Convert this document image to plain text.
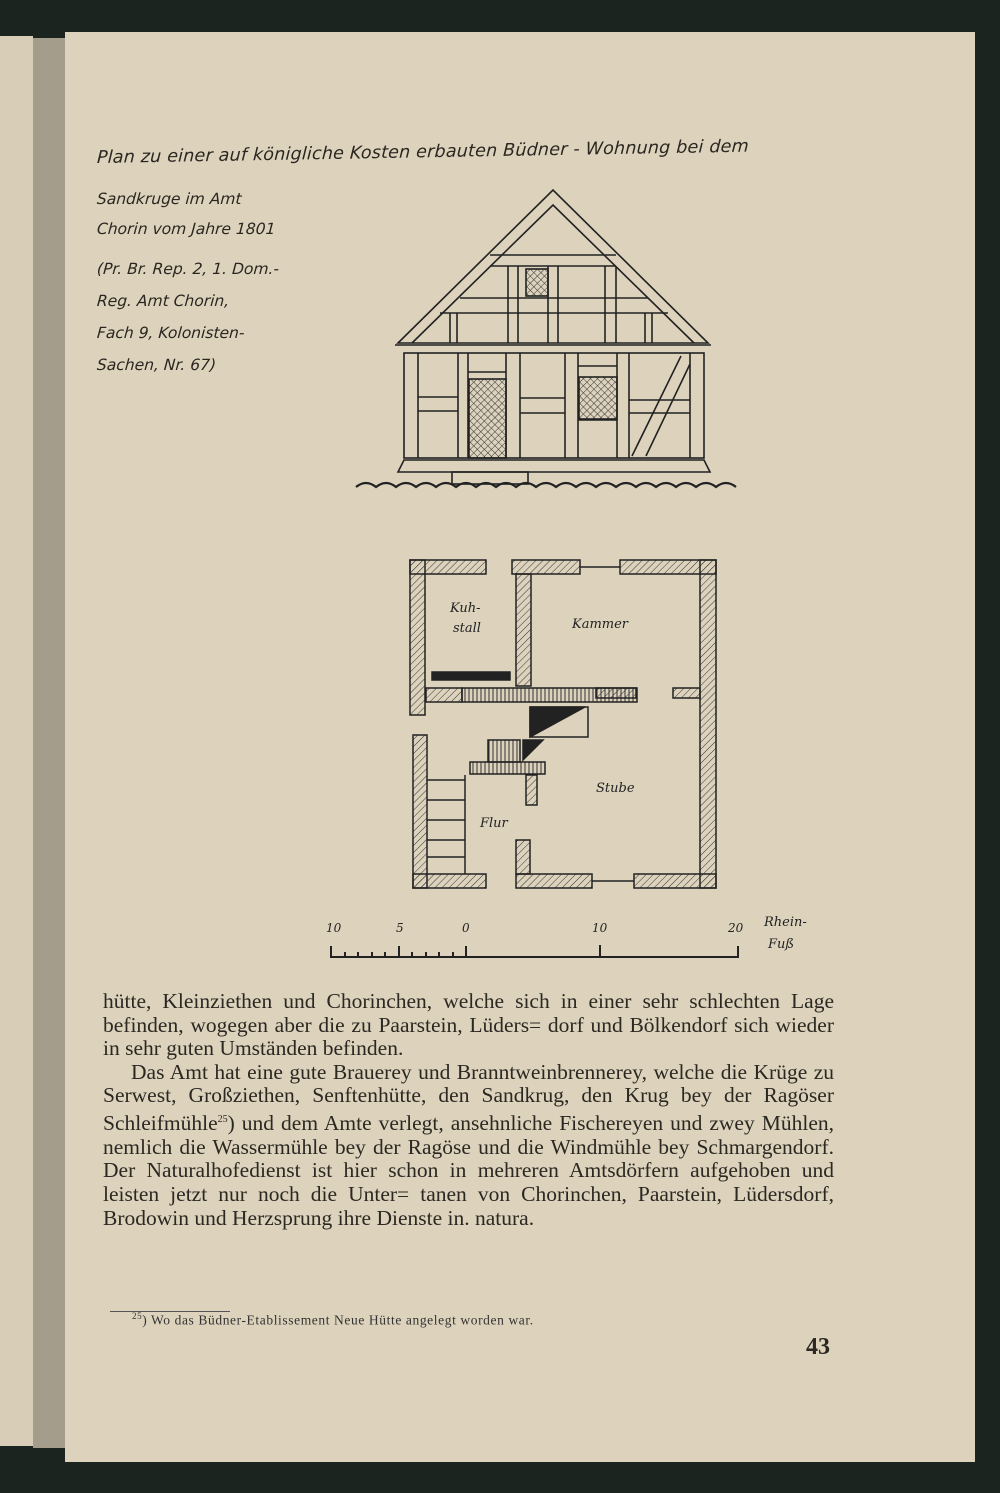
Plan zu einer auf königliche Kosten erbauten Büdner - Wohnung bei dem
Sandkruge im Amt
Chorin vom Jahre 1801
(Pr. Br. Rep. 2, 1. Dom.-
Reg. Amt Chorin,
Fach 9, Kolonisten-
Sachen, Nr. 67)
Kuh-
stall	Kammer
Stube
Flur
10	5	0	10	20 Rhein-
Fuß

hütte, Kleinziethen und Chorinchen, welche sich in einer sehr schlechten Lage befinden, wogegen aber die zu Paarstein, Lüders= dorf und Bölkendorf sich wieder in sehr guten Umständen befinden.

Das Amt hat eine gute Brauerey und Branntweinbrennerey, welche die Krüge zu Serwest, Großziethen, Senftenhütte, den Sandkrug, den Krug bey der Ragöser Schleifmühle$^{25}$) und dem Amte verlegt, ansehnliche Fischereyen und zwey Mühlen, nemlich die Wassermühle bey der Ragöse und die Windmühle bey Schmargendorf. Der Naturalhofedienst ist hier schon in mehreren Amtsdörfern aufgehoben und leisten jetzt nur noch die Unter= tanen von Chorinchen, Paarstein, Lüdersdorf, Brodowin und Herzsprung ihre Dienste in. natura.

$^{25}$) Wo das Büdner-Etablissement Neue Hütte angelegt worden war.
43
